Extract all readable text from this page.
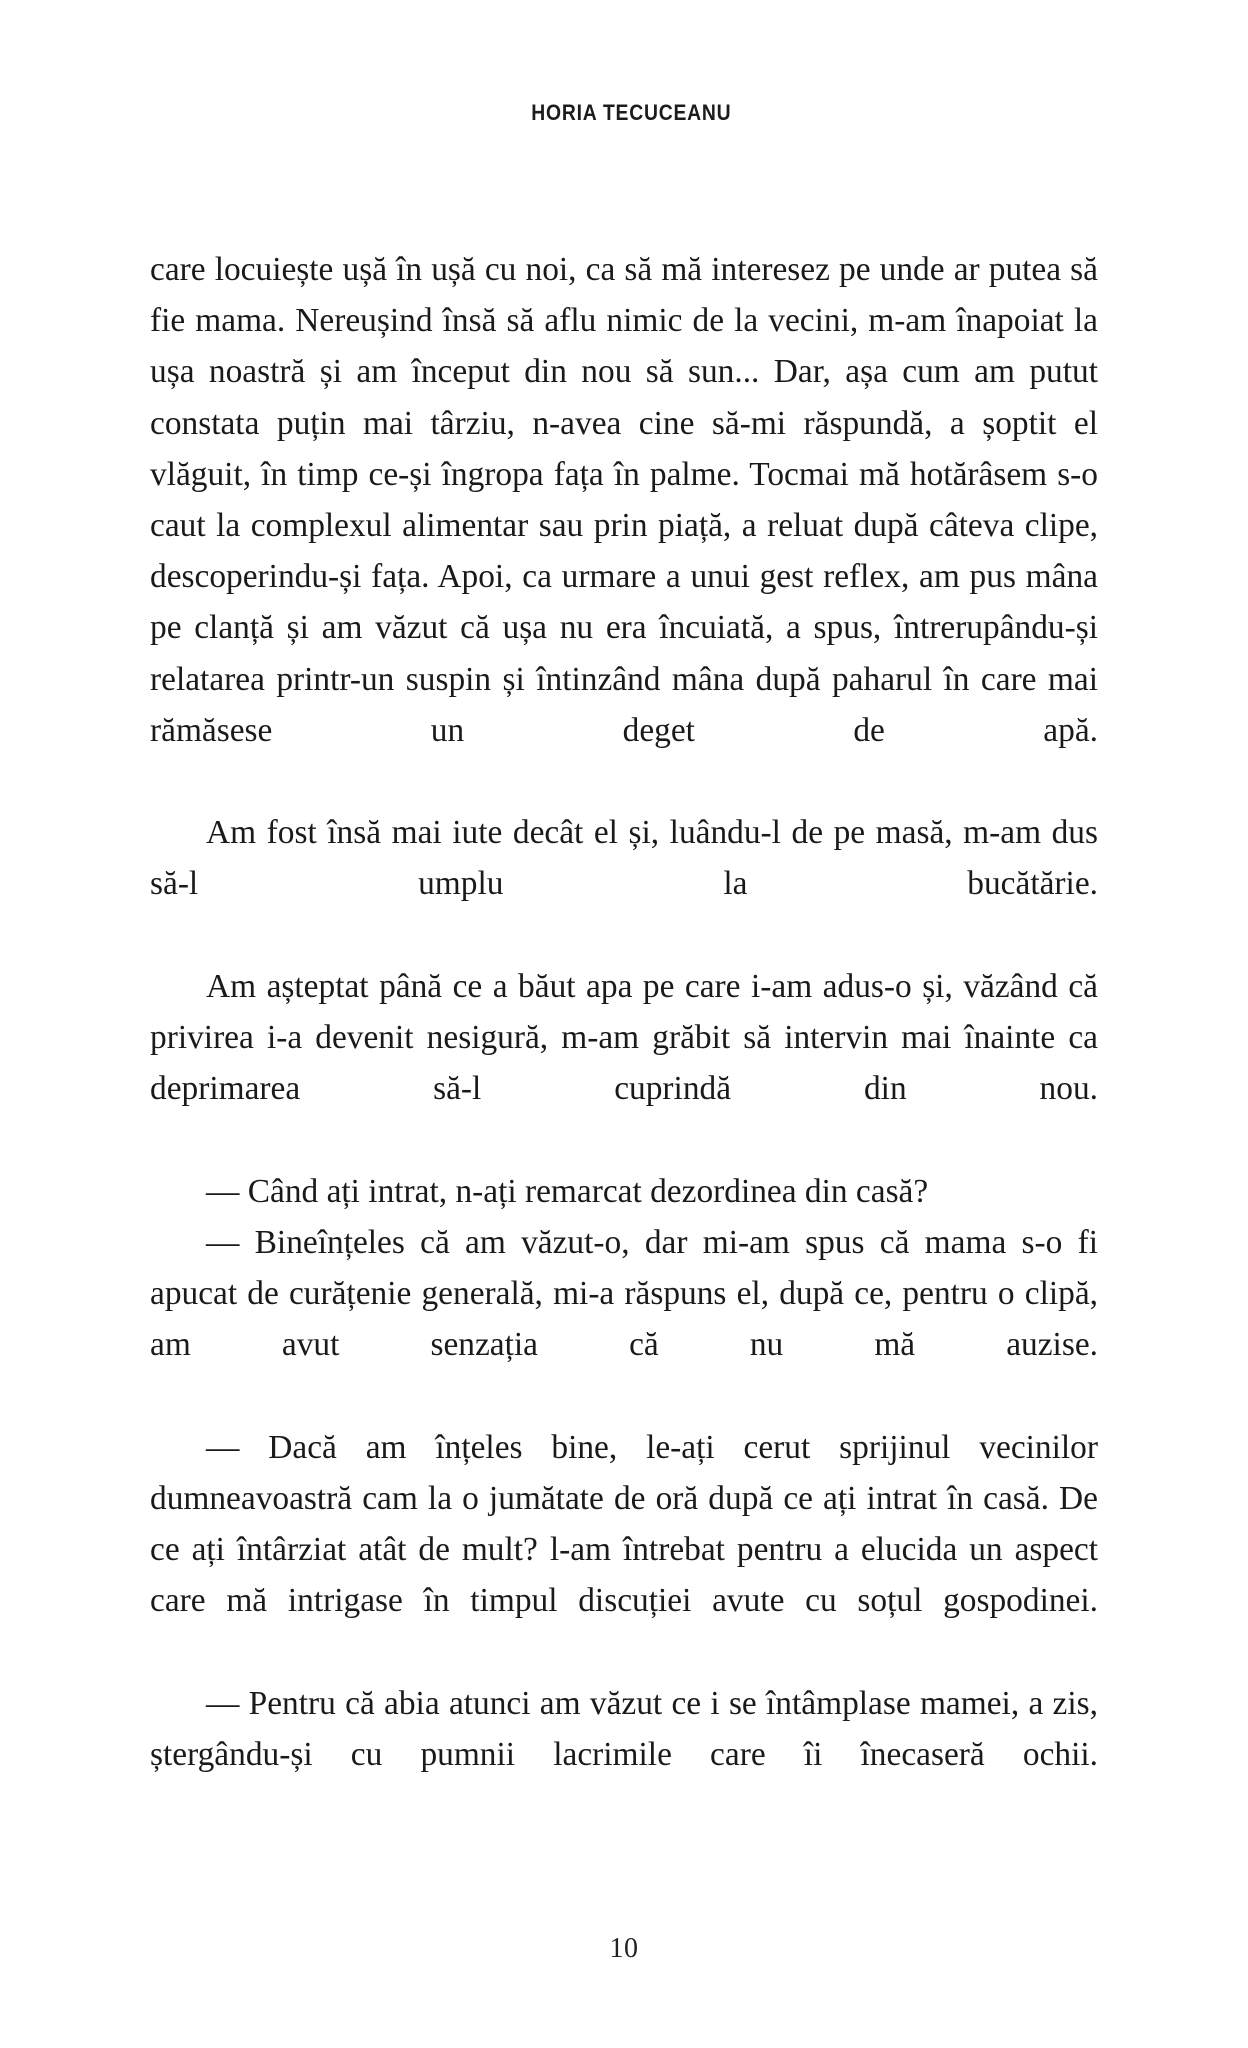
HORIA TECUCEANU

care locuiește ușă în ușă cu noi, ca să mă interesez pe unde ar putea să fie mama. Nereușind însă să aflu nimic de la vecini, m-am înapoiat la ușa noastră și am început din nou să sun... Dar, așa cum am putut constata puțin mai târziu, n-avea cine să-mi răspundă, a șoptit el vlăguit, în timp ce-și îngropa fața în palme. Tocmai mă hotărâsem s-o caut la complexul alimentar sau prin piață, a reluat după câteva clipe, descoperindu-și fața. Apoi, ca urmare a unui gest reflex, am pus mâna pe clanță și am văzut că ușa nu era încuiată, a spus, întrerupându-și relatarea printr-un suspin și întinzând mâna după paharul în care mai rămăsese un deget de apă.

Am fost însă mai iute decât el și, luându-l de pe masă, m-am dus să-l umplu la bucătărie.

Am așteptat până ce a băut apa pe care i-am adus-o și, văzând că privirea i-a devenit nesigură, m-am grăbit să intervin mai înainte ca deprimarea să-l cuprindă din nou.

— Când ați intrat, n-ați remarcat dezordinea din casă?

— Bineînțeles că am văzut-o, dar mi-am spus că mama s-o fi apucat de curățenie generală, mi-a răspuns el, după ce, pentru o clipă, am avut senzația că nu mă auzise.

— Dacă am înțeles bine, le-ați cerut sprijinul vecinilor dumneavoastră cam la o jumătate de oră după ce ați intrat în casă. De ce ați întârziat atât de mult? l-am întrebat pentru a elucida un aspect care mă intrigase în timpul discuției avute cu soțul gospodinei.

— Pentru că abia atunci am văzut ce i se întâmplase mamei, a zis, ștergându-și cu pumnii lacrimile care îi înecaseră ochii.

10
